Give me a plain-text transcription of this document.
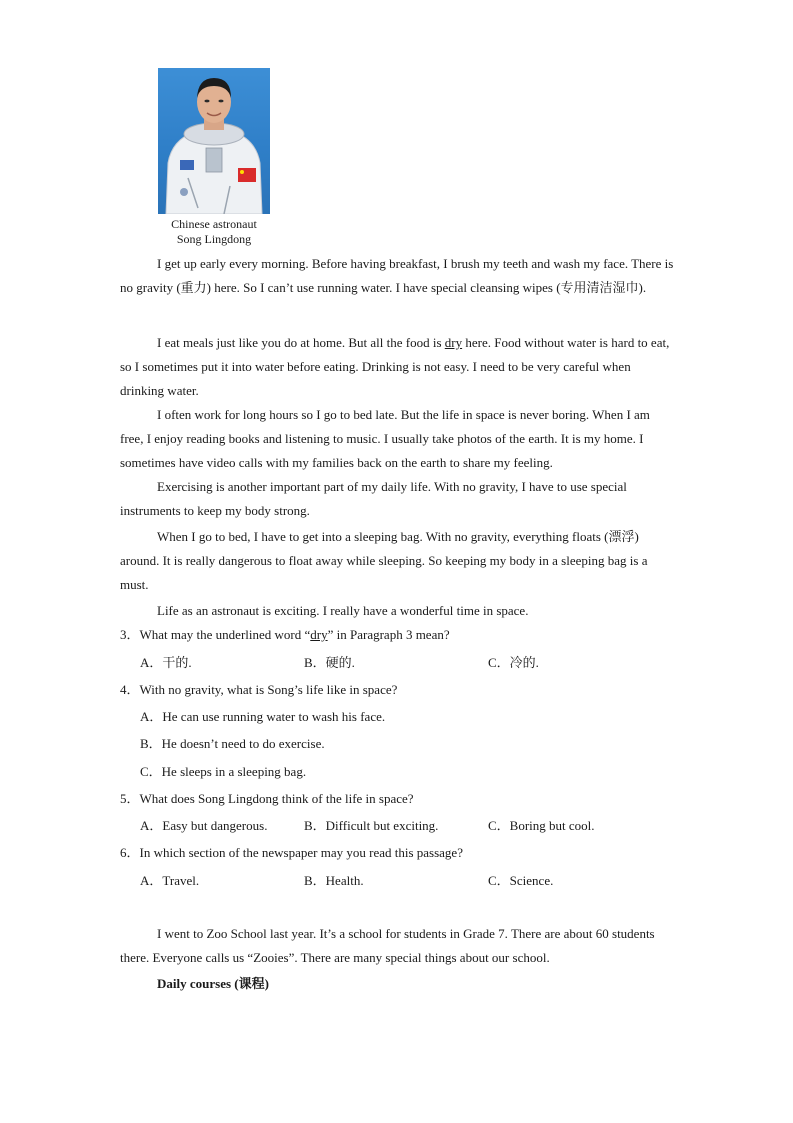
Chinese astronaut
Song Lingdong
I get up early every morning. Before having breakfast, I brush my teeth and wash my face. There is no gravity (重力) here. So I can’t use running water. I have special cleansing wipes (专用清洁湿巾).
I eat meals just like you do at home. But all the food is dry here. Food without water is hard to eat, so I sometimes put it into water before eating. Drinking is not easy. I need to be very careful when drinking water.
I often work for long hours so I go to bed late. But the life in space is never boring. When I am free, I enjoy reading books and listening to music. I usually take photos of the earth. It is my home. I sometimes have video calls with my families back on the earth to share my feeling.
Exercising is another important part of my daily life. With no gravity, I have to use special instruments to keep my body strong.
When I go to bed, I have to get into a sleeping bag. With no gravity, everything floats (漂浮) around. It is really dangerous to float away while sleeping. So keeping my body in a sleeping bag is a must.
Life as an astronaut is exciting. I really have a wonderful time in space.
3．What may the underlined word “dry” in Paragraph 3 mean?
A．干的.	B．硬的.	C．冷的.
4．With no gravity, what is Song’s life like in space?
A．He can use running water to wash his face.
B．He doesn’t need to do exercise.
C．He sleeps in a sleeping bag.
5．What does Song Lingdong think of the life in space?
A．Easy but dangerous.	B．Difficult but exciting.	C．Boring but cool.
6．In which section of the newspaper may you read this passage?
A．Travel.	B．Health.	C．Science.
I went to Zoo School last year. It’s a school for students in Grade 7. There are about 60 students there. Everyone calls us “Zooies”. There are many special things about our school.
Daily courses (课程)
